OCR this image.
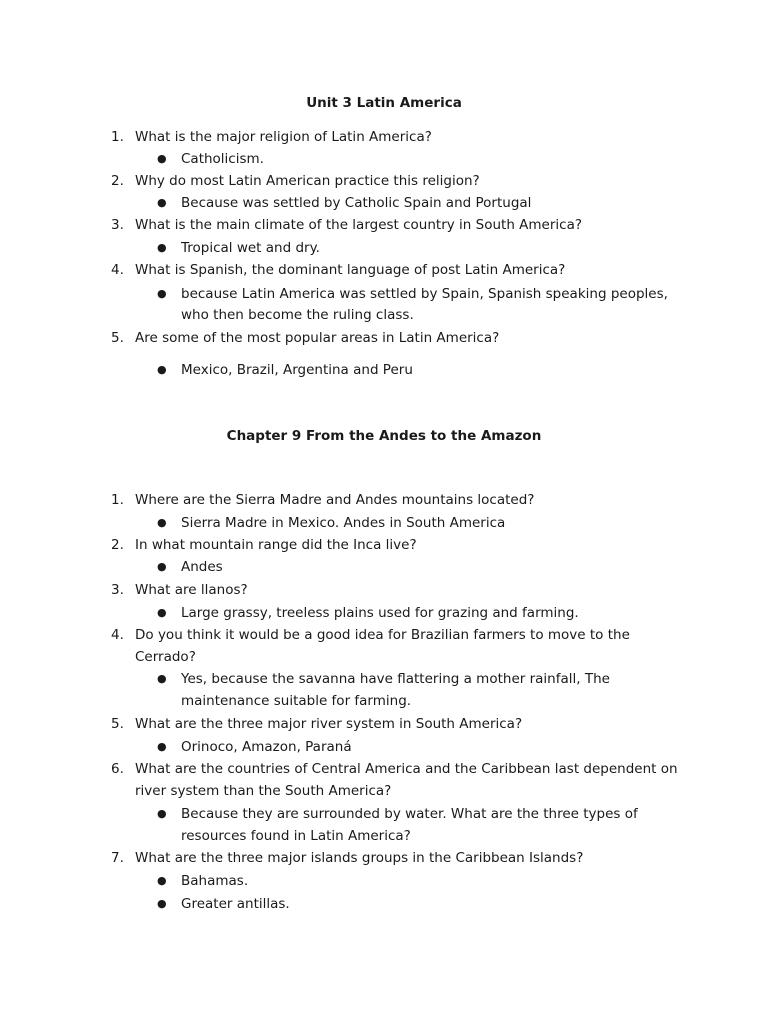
Unit 3 Latin America
1. What is the major religion of Latin America?
● Catholicism.
2. Why do most Latin American practice this religion?
● Because was settled by Catholic Spain and Portugal
3. What is the main climate of the largest country in South America?
● Tropical wet and dry.
4. What is Spanish, the dominant language of post Latin America?
● because Latin America was settled by Spain, Spanish speaking peoples,
who then become the ruling class.
5. Are some of the most popular areas in Latin America?
● Mexico, Brazil, Argentina and Peru
Chapter 9 From the Andes to the Amazon
1. Where are the Sierra Madre and Andes mountains located?
● Sierra Madre in Mexico. Andes in South America
2. In what mountain range did the Inca live?
● Andes
3. What are llanos?
● Large grassy, treeless plains used for grazing and farming.
4. Do you think it would be a good idea for Brazilian farmers to move to the
Cerrado?
● Yes, because the savanna have flattering a mother rainfall, The
maintenance suitable for farming.
5. What are the three major river system in South America?
● Orinoco, Amazon, Paraná
6. What are the countries of Central America and the Caribbean last dependent on
river system than the South America?
● Because they are surrounded by water. What are the three types of
resources found in Latin America?
7. What are the three major islands groups in the Caribbean Islands?
● Bahamas.
● Greater antillas.
